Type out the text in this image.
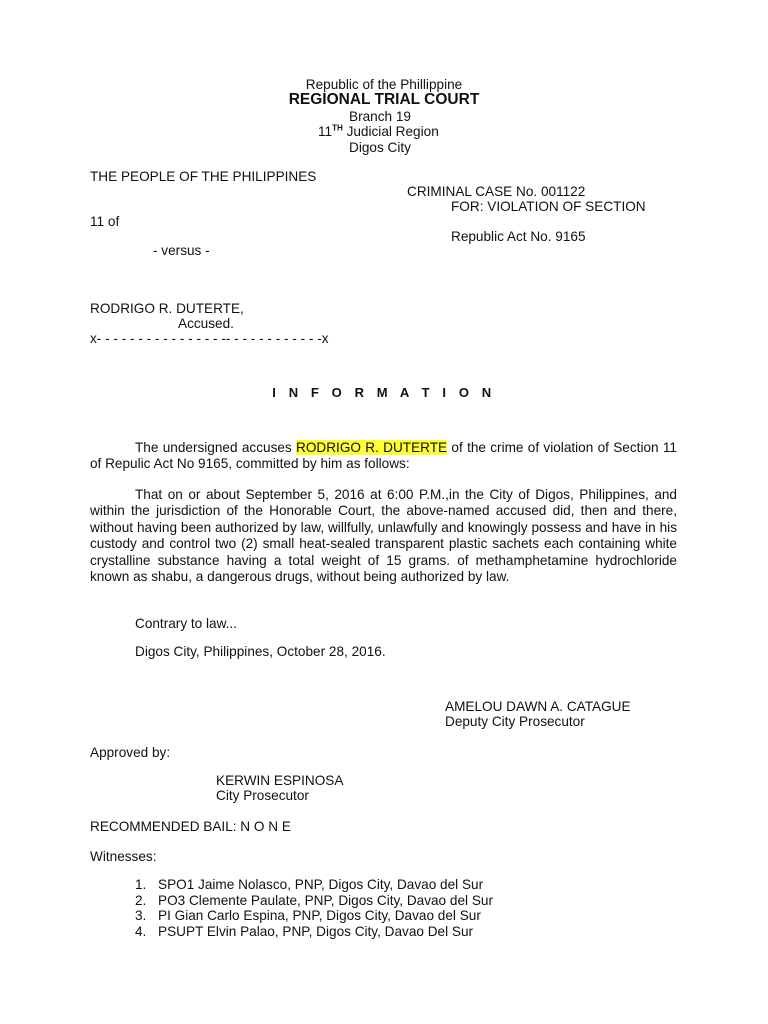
Republic of the Phillippine
REGIONAL TRIAL COURT
Branch 19
11TH Judicial Region
Digos City
THE PEOPLE OF THE PHILIPPINES
CRIMINAL CASE No. 001122
FOR: VIOLATION OF SECTION
11 of
Republic Act No. 9165
- versus -
RODRIGO R. DUTERTE,
Accused.
x- - - - - - - - - - - - - - - -- - - - - - - - - - - -x
I N F O R M A T I O N
The undersigned accuses RODRIGO R. DUTERTE of the crime of violation of Section 11 of Repulic Act No 9165, committed by him as follows:
That on or about September 5, 2016 at 6:00 P.M.,in the City of Digos, Philippines, and within the jurisdiction of the Honorable Court, the above-named accused did, then and there, without having been authorized by law, willfully, unlawfully and knowingly possess and have in his custody and control two (2) small heat-sealed transparent plastic sachets each containing white crystalline substance having a total weight of 15 grams. of methamphetamine hydrochloride known as shabu, a dangerous drugs, without being authorized by law.
Contrary to law...
Digos City, Philippines, October 28, 2016.
AMELOU DAWN A. CATAGUE
Deputy City Prosecutor
Approved by:
KERWIN ESPINOSA
City Prosecutor
RECOMMENDED BAIL: N O N E
Witnesses:
1. SPO1 Jaime Nolasco, PNP, Digos City, Davao del Sur
2. PO3 Clemente Paulate, PNP, Digos City, Davao del Sur
3. PI Gian Carlo Espina, PNP, Digos City, Davao del Sur
4. PSUPT Elvin Palao, PNP, Digos City, Davao Del Sur
